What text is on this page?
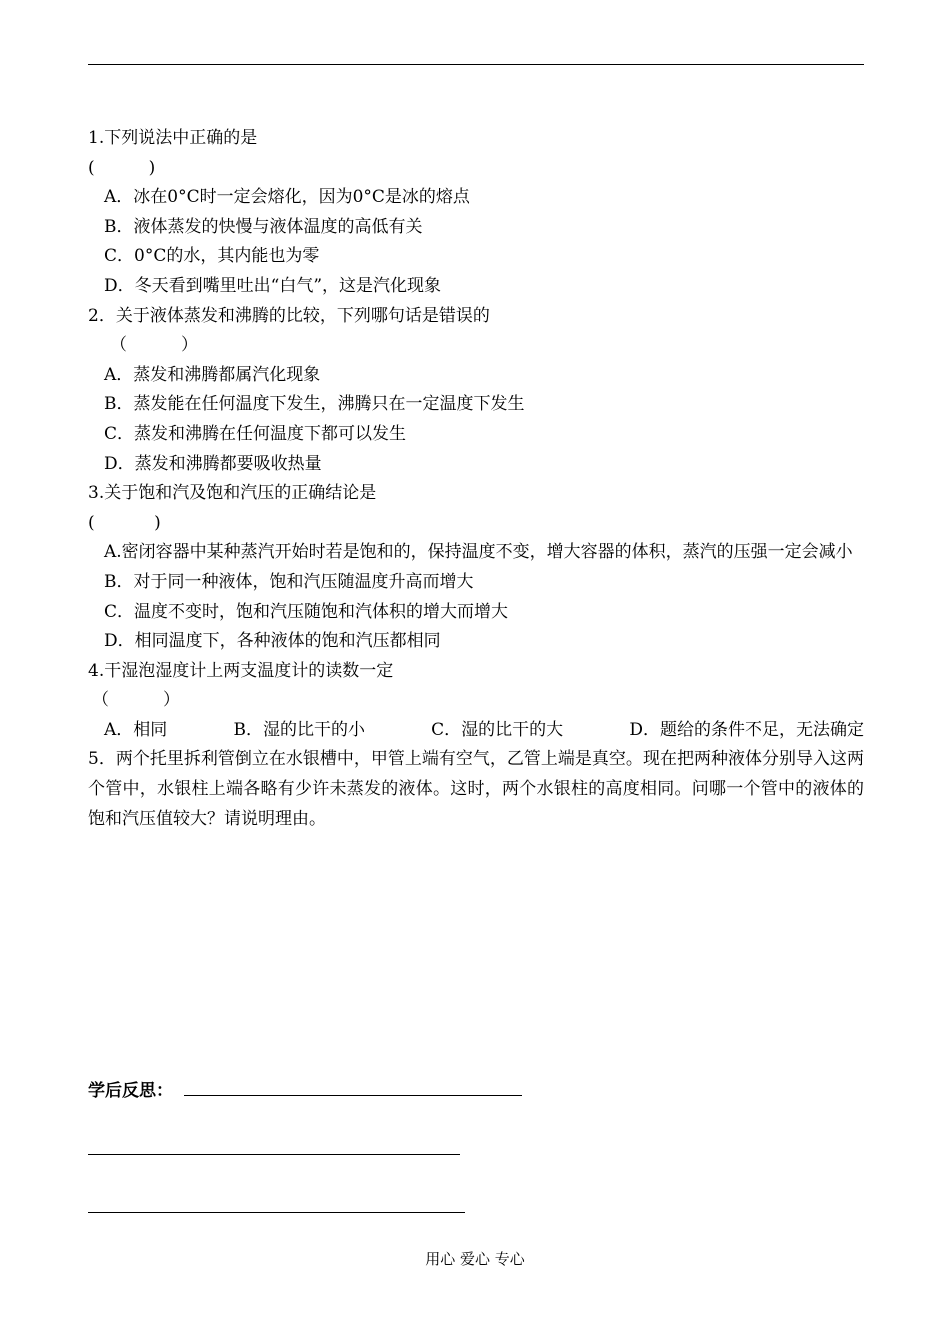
1.下列说法中正确的是
(          )
A．冰在0°C时一定会熔化，因为0°C是冰的熔点
B．液体蒸发的快慢与液体温度的高低有关
C．0°C的水，其内能也为零
D．冬天看到嘴里吐出“白气”，这是汽化现象
2．关于液体蒸发和沸腾的比较，下列哪句话是错误的
（          ）
A．蒸发和沸腾都属汽化现象
B．蒸发能在任何温度下发生，沸腾只在一定温度下发生
C．蒸发和沸腾在任何温度下都可以发生
D．蒸发和沸腾都要吸收热量
3.关于饱和汽及饱和汽压的正确结论是
(           )
A.密闭容器中某种蒸汽开始时若是饱和的，保持温度不变，增大容器的体积，蒸汽的压强一定会减小
B．对于同一种液体，饱和汽压随温度升高而增大
C．温度不变时，饱和汽压随饱和汽体积的增大而增大
D．相同温度下，各种液体的饱和汽压都相同
4.干湿泡湿度计上两支温度计的读数一定
（          ）
A．相同	B．湿的比干的小	C．湿的比干的大	D．题给的条件不足，无法确定
5．两个托里拆利管倒立在水银槽中，甲管上端有空气，乙管上端是真空。现在把两种液体分别导入这两个管中，水银柱上端各略有少许未蒸发的液体。这时，两个水银柱的高度相同。问哪一个管中的液体的饱和汽压值较大？请说明理由。
学后反思：
用心 爱心 专心
